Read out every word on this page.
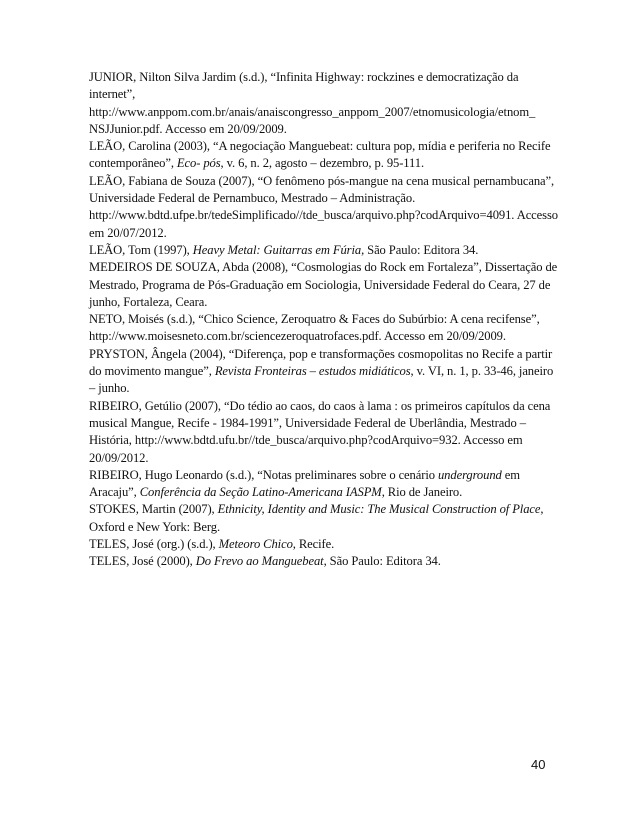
JUNIOR, Nilton Silva Jardim (s.d.), “Infinita Highway: rockzines e democratização da internet”, http://www.anppom.com.br/anais/anaiscongresso_anppom_2007/etnomusicologia/etnom_ NSJJunior.pdf. Accesso em 20/09/2009.

LEÃO, Carolina (2003), “A negociação Manguebeat: cultura pop, mídia e periferia no Recife contemporâneo”, Eco- pós, v. 6, n. 2, agosto – dezembro, p. 95-111.

LEÃO, Fabiana de Souza (2007), “O fenômeno pós-mangue na cena musical pernambucana”, Universidade Federal de Pernambuco, Mestrado – Administração. http://www.bdtd.ufpe.br/tedeSimplificado//tde_busca/arquivo.php?codArquivo=4091. Accesso em 20/07/2012.

LEÃO, Tom (1997), Heavy Metal: Guitarras em Fúria, São Paulo: Editora 34.

MEDEIROS DE SOUZA, Abda (2008), “Cosmologias do Rock em Fortaleza”, Dissertação de Mestrado, Programa de Pós-Graduação em Sociologia, Universidade Federal do Ceara, 27 de junho, Fortaleza, Ceara.

NETO, Moisés (s.d.), “Chico Science, Zeroquatro & Faces do Subúrbio: A cena recifense”, http://www.moisesneto.com.br/sciencezeroquatrofaces.pdf. Accesso em 20/09/2009.

PRYSTON, Ângela (2004), “Diferença, pop e transformações cosmopolitas no Recife a partir do movimento mangue”, Revista Fronteiras – estudos midiáticos, v. VI, n. 1, p. 33-46, janeiro – junho.

RIBEIRO, Getúlio (2007), “Do tédio ao caos, do caos à lama : os primeiros capítulos da cena musical Mangue, Recife - 1984-1991”, Universidade Federal de Uberlândia, Mestrado – História, http://www.bdtd.ufu.br//tde_busca/arquivo.php?codArquivo=932. Accesso em 20/09/2012.

RIBEIRO, Hugo Leonardo (s.d.), “Notas preliminares sobre o cenário underground em Aracaju”, Conferência da Seção Latino-Americana IASPM, Rio de Janeiro.

STOKES, Martin (2007), Ethnicity, Identity and Music: The Musical Construction of Place, Oxford e New York: Berg.

TELES, José (org.) (s.d.), Meteoro Chico, Recife.

TELES, José (2000), Do Frevo ao Manguebeat, São Paulo: Editora 34.

40
